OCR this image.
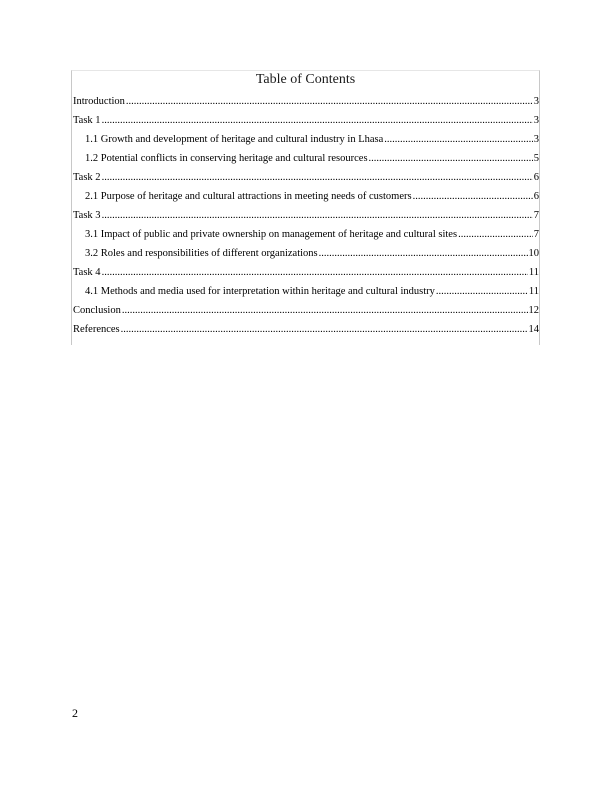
Table of Contents
Introduction .....	3
Task 1 .....	3
1.1 Growth and development of heritage and cultural industry in Lhasa .....	3
1.2 Potential conflicts in conserving heritage and cultural resources .....	5
Task 2 .....	6
2.1 Purpose of heritage and cultural attractions in meeting needs of customers .....	6
Task 3 .....	7
3.1 Impact of public and private ownership on management of heritage and cultural sites .....	7
3.2 Roles and responsibilities of different organizations .....	10
Task 4 .....	11
4.1 Methods and media used for interpretation within heritage and cultural industry .....	11
Conclusion .....	12
References .....	14
2
